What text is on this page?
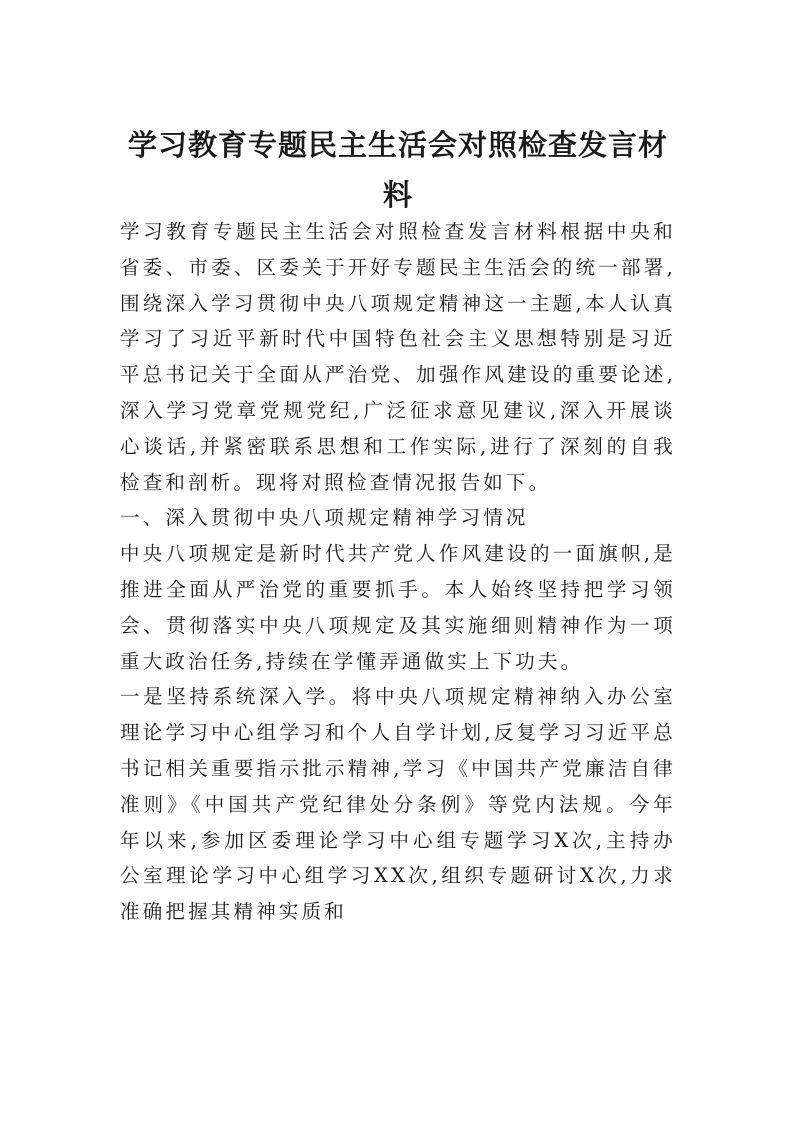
学习教育专题民主生活会对照检查发言材料

学习教育专题民主生活会对照检查发言材料根据中央和省委、市委、区委关于开好专题民主生活会的统一部署,围绕深入学习贯彻中央八项规定精神这一主题,本人认真学习了习近平新时代中国特色社会主义思想特别是习近平总书记关于全面从严治党、加强作风建设的重要论述,深入学习党章党规党纪,广泛征求意见建议,深入开展谈心谈话,并紧密联系思想和工作实际,进行了深刻的自我检查和剖析。现将对照检查情况报告如下。

一、深入贯彻中央八项规定精神学习情况

中央八项规定是新时代共产党人作风建设的一面旗帜,是推进全面从严治党的重要抓手。本人始终坚持把学习领会、贯彻落实中央八项规定及其实施细则精神作为一项重大政治任务,持续在学懂弄通做实上下功夫。

一是坚持系统深入学。将中央八项规定精神纳入办公室理论学习中心组学习和个人自学计划,反复学习习近平总书记相关重要指示批示精神,学习《中国共产党廉洁自律准则》《中国共产党纪律处分条例》等党内法规。今年年以来,参加区委理论学习中心组专题学习X次,主持办公室理论学习中心组学习XX次,组织专题研讨X次,力求准确把握其精神实质和
